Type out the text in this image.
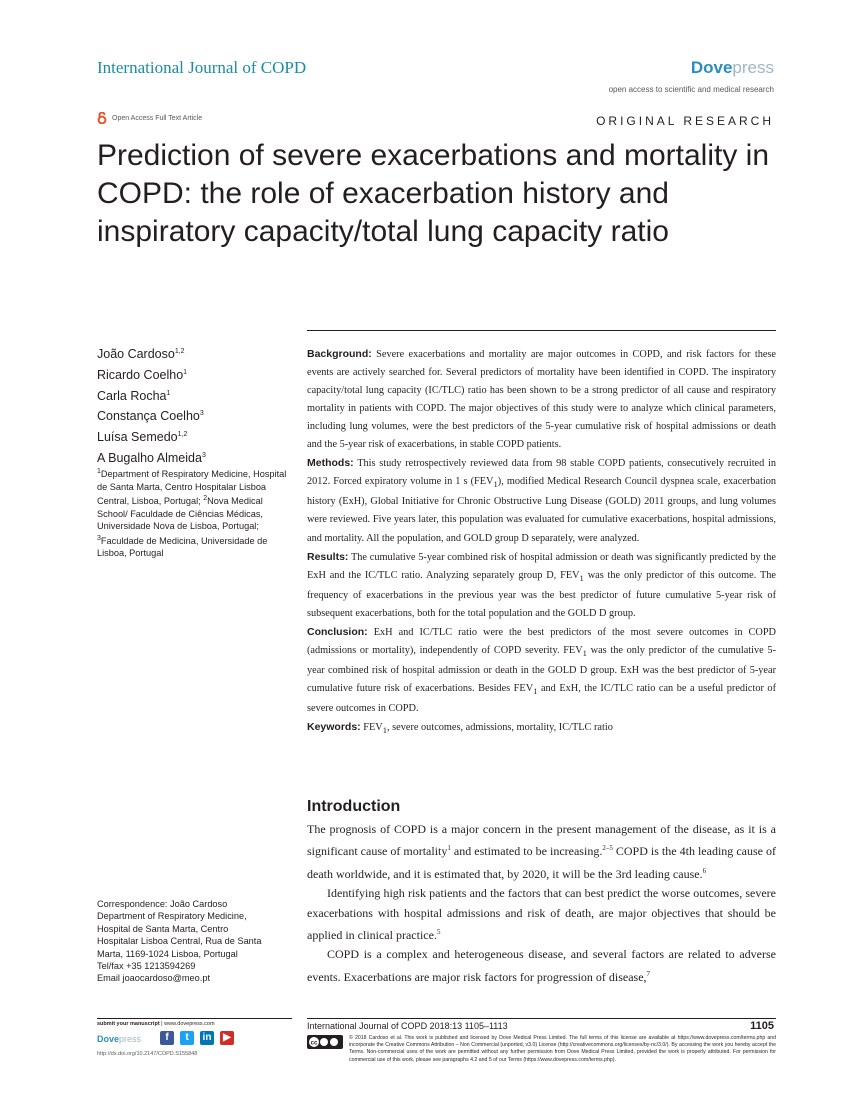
International Journal of COPD	Dovepress
open access to scientific and medical research
Open Access Full Text Article	ORIGINAL RESEARCH
Prediction of severe exacerbations and mortality in COPD: the role of exacerbation history and inspiratory capacity/total lung capacity ratio
João Cardoso$^{1,2}$
Ricardo Coelho$^1$
Carla Rocha$^1$
Constança Coelho$^3$
Luísa Semedo$^{1,2}$
A Bugalho Almeida$^3$
$^1$Department of Respiratory Medicine, Hospital de Santa Marta, Centro Hospitalar Lisboa Central, Lisboa, Portugal; $^2$Nova Medical School/ Faculdade de Ciências Médicas, Universidade Nova de Lisboa, Portugal; $^3$Faculdade de Medicina, Universidade de Lisboa, Portugal

Background: Severe exacerbations and mortality are major outcomes in COPD, and risk factors for these events are actively searched for. Several predictors of mortality have been identified in COPD. The inspiratory capacity/total lung capacity (IC/TLC) ratio has been shown to be a strong predictor of all cause and respiratory mortality in patients with COPD. The major objectives of this study were to analyze which clinical parameters, including lung volumes, were the best predictors of the 5-year cumulative risk of hospital admissions or death and the 5-year risk of exacerbations, in stable COPD patients.

Methods: This study retrospectively reviewed data from 98 stable COPD patients, consecutively recruited in 2012. Forced expiratory volume in 1 s $(FEV_1)$, modified Medical Research Council dyspnea scale, exacerbation history (ExH), Global Initiative for Chronic Obstructive Lung Disease (GOLD) 2011 groups, and lung volumes were reviewed. Five years later, this population was evaluated for cumulative exacerbations, hospital admissions, and mortality. All the population, and GOLD group D separately, were analyzed.

Results: The cumulative 5-year combined risk of hospital admission or death was significantly predicted by the ExH and the IC/TLC ratio. Analyzing separately group D, $FEV_1$ was the only predictor of this outcome. The frequency of exacerbations in the previous year was the best predictor of future cumulative 5-year risk of subsequent exacerbations, both for the total population and the GOLD D group.

Conclusion: ExH and IC/TLC ratio were the best predictors of the most severe outcomes in COPD (admissions or mortality), independently of COPD severity. $FEV_1$ was the only predictor of the cumulative 5-year combined risk of hospital admission or death in the GOLD D group. ExH was the best predictor of 5-year cumulative future risk of exacerbations. Besides $FEV_1$ and ExH, the IC/TLC ratio can be a useful predictor of severe outcomes in COPD.

Keywords: $FEV_1$, severe outcomes, admissions, mortality, IC/TLC ratio

Introduction

The prognosis of COPD is a major concern in the present management of the disease, as it is a significant cause of mortality$^1$ and estimated to be increasing.$^{2-5}$ COPD is the 4th leading cause of death worldwide, and it is estimated that, by 2020, it will be the 3rd leading cause.$^6$

Identifying high risk patients and the factors that can best predict the worse outcomes, severe exacerbations with hospital admissions and risk of death, are major objectives that should be applied in clinical practice.$^5$

COPD is a complex and heterogeneous disease, and several factors are related to adverse events. Exacerbations are major risk factors for progression of disease,$^7$

Correspondence: João Cardoso
Department of Respiratory Medicine,
Hospital de Santa Marta, Centro
Hospitalar Lisboa Central, Rua de Santa
Marta, 1169-1024 Lisboa, Portugal
Tel/fax +35 1213594269
Email joaocardoso@meo.pt
submit your manuscript | www.dovepress.com
Dovepress	f	t	in	▶
http://dx.doi.org/10.2147/COPD.S155848
International Journal of COPD 2018:13 1105–1113	1105
cc
© 2018 Cardoso et al. This work is published and licensed by Dove Medical Press Limited. The full terms of this license are available at https://www.dovepress.com/terms.php and incorporate the Creative Commons Attribution – Non Commercial (unported, v3.0) License (http://creativecommons.org/licenses/by-nc/3.0/). By accessing the work you hereby accept the Terms. Non-commercial uses of the work are permitted without any further permission from Dove Medical Press Limited, provided the work is properly attributed. For permission for commercial use of this work, please see paragraphs 4.2 and 5 of our Terms (https://www.dovepress.com/terms.php).
